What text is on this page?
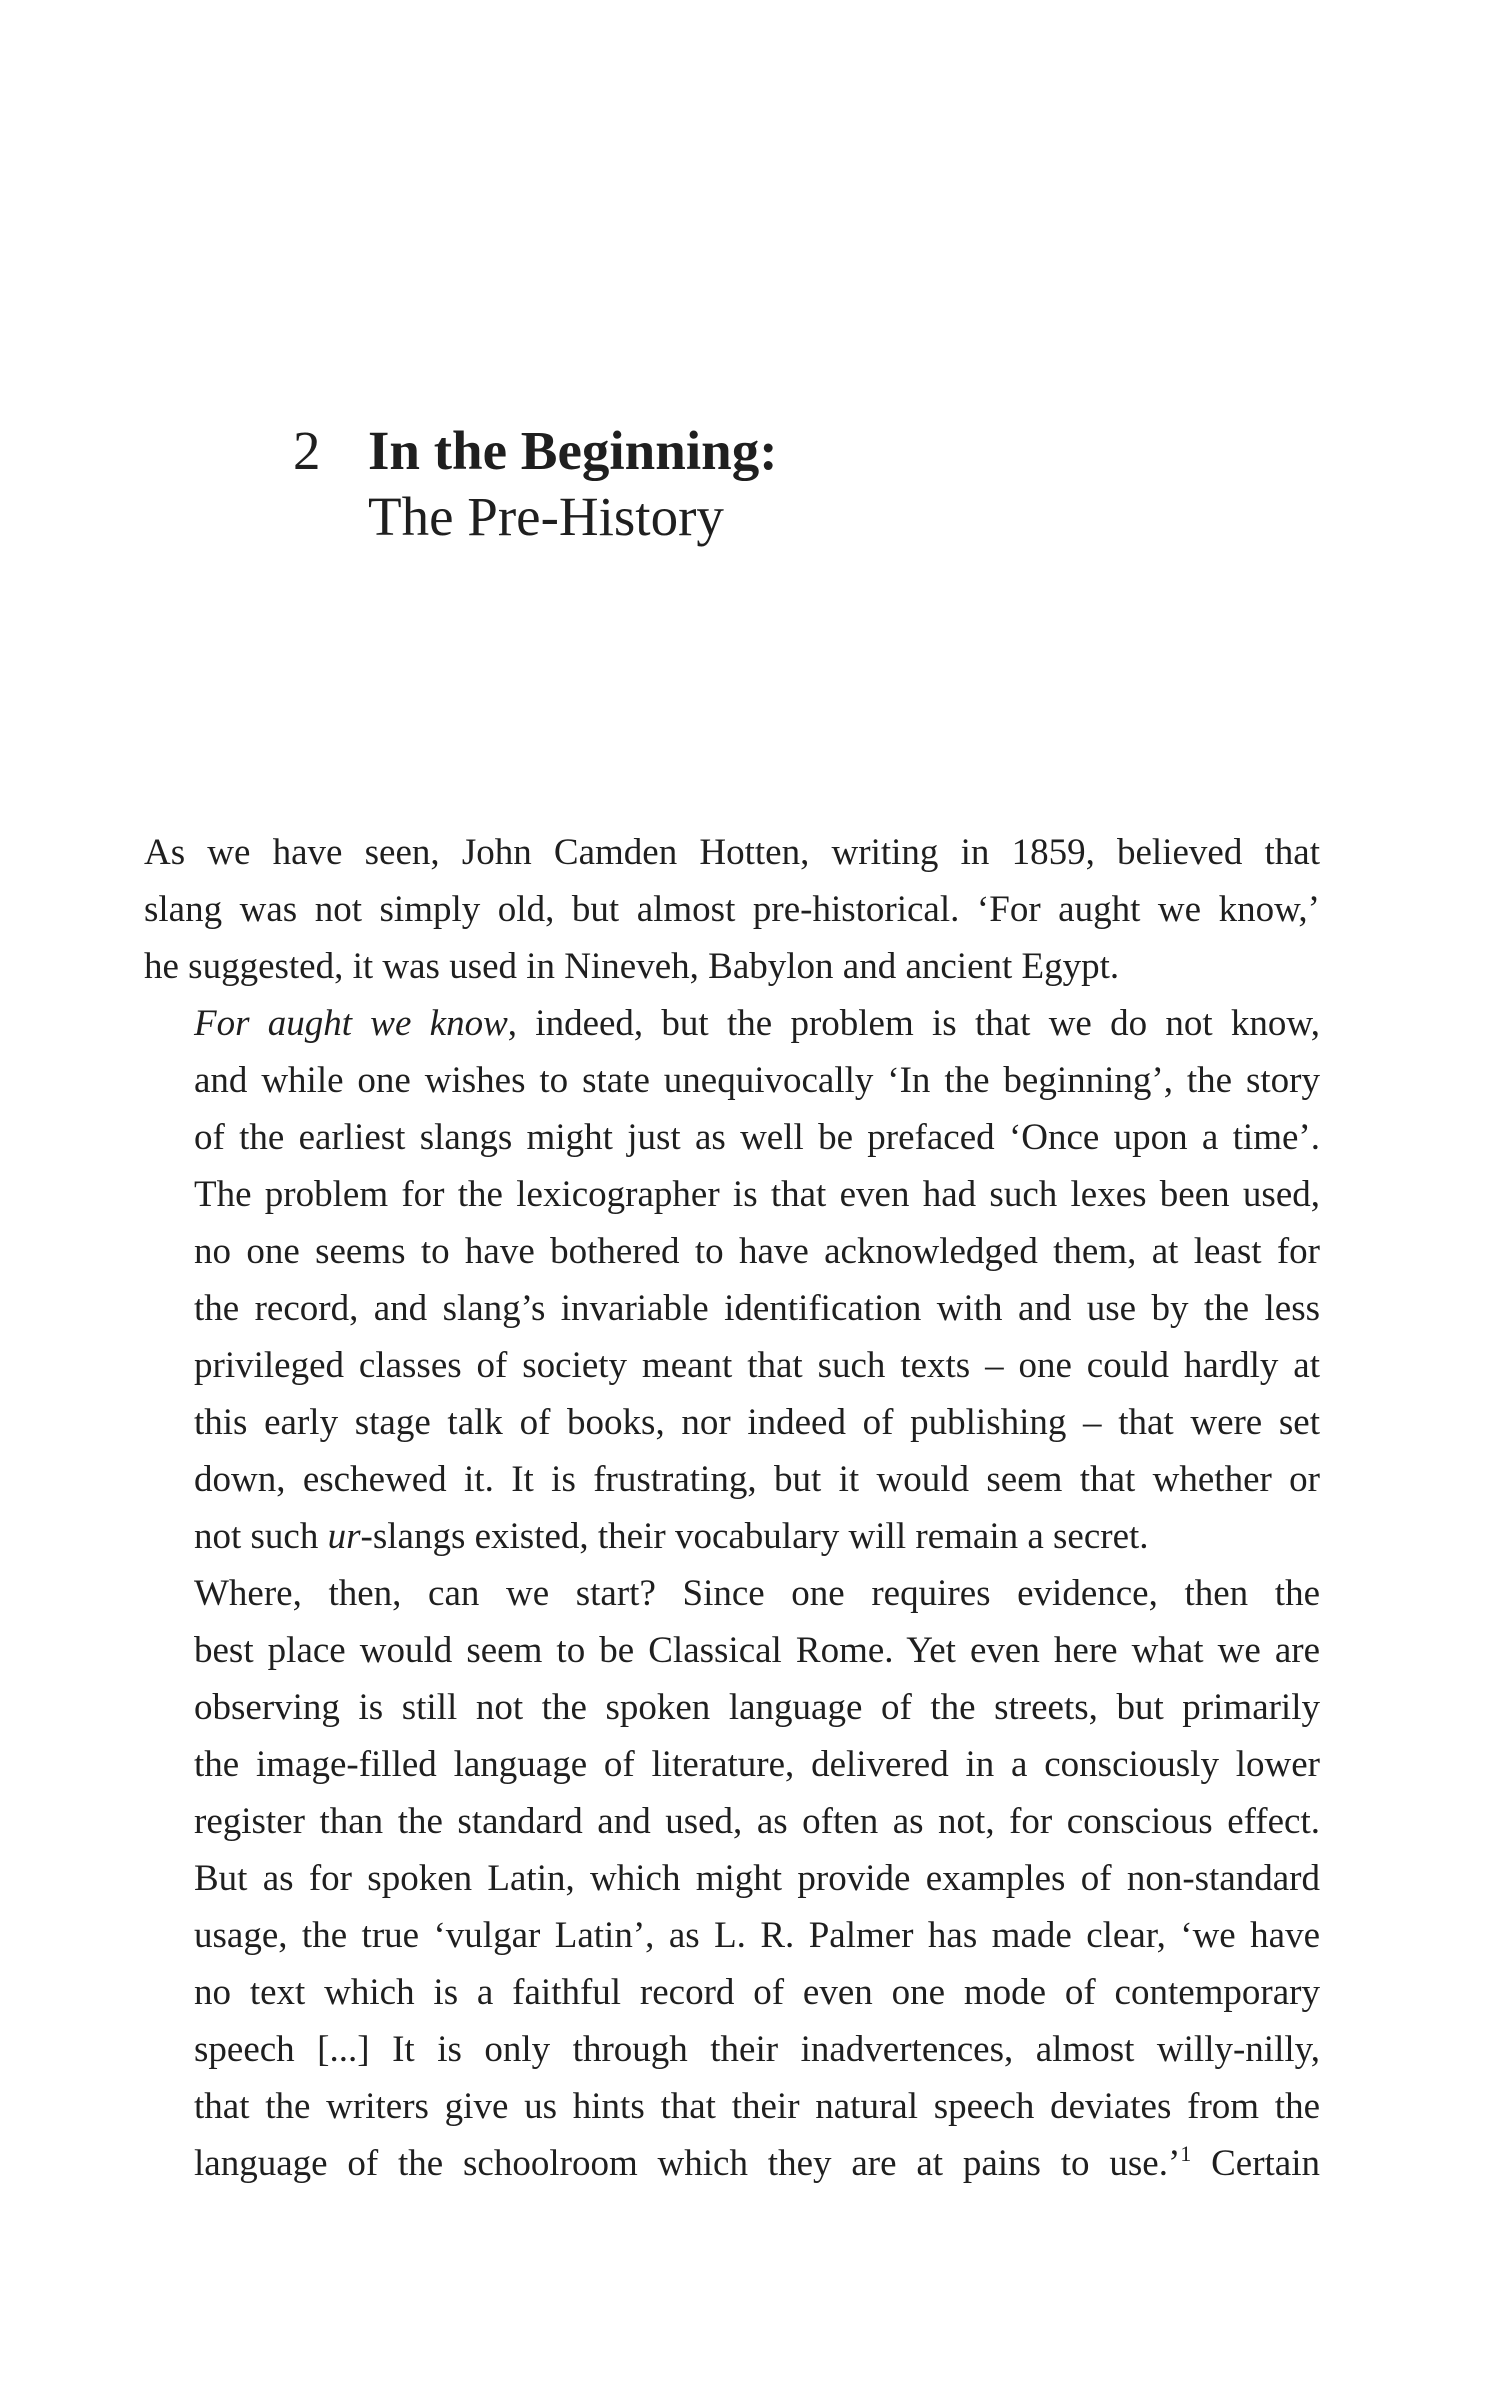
2 In the Beginning:
The Pre-History

As we have seen, John Camden Hotten, writing in 1859, believed that
slang was not simply old, but almost pre-historical. ‘For aught we know,’
he suggested, it was used in Nineveh, Babylon and ancient Egypt.

For aught we know, indeed, but the problem is that we do not know,
and while one wishes to state unequivocally ‘In the beginning’, the story
of the earliest slangs might just as well be prefaced ‘Once upon a time’.
The problem for the lexicographer is that even had such lexes been used,
no one seems to have bothered to have acknowledged them, at least for
the record, and slang’s invariable identification with and use by the less
privileged classes of society meant that such texts – one could hardly at
this early stage talk of books, nor indeed of publishing – that were set
down, eschewed it. It is frustrating, but it would seem that whether or
not such ur-slangs existed, their vocabulary will remain a secret.

Where, then, can we start? Since one requires evidence, then the
best place would seem to be Classical Rome. Yet even here what we are
observing is still not the spoken language of the streets, but primarily
the image-filled language of literature, delivered in a consciously lower
register than the standard and used, as often as not, for conscious effect.
But as for spoken Latin, which might provide examples of non-standard
usage, the true ‘vulgar Latin’, as L. R. Palmer has made clear, ‘we have
no text which is a faithful record of even one mode of contemporary
speech [...] It is only through their inadvertences, almost willy-nilly,
that the writers give us hints that their natural speech deviates from the
language of the schoolroom which they are at pains to use.’$^1$ Certain
